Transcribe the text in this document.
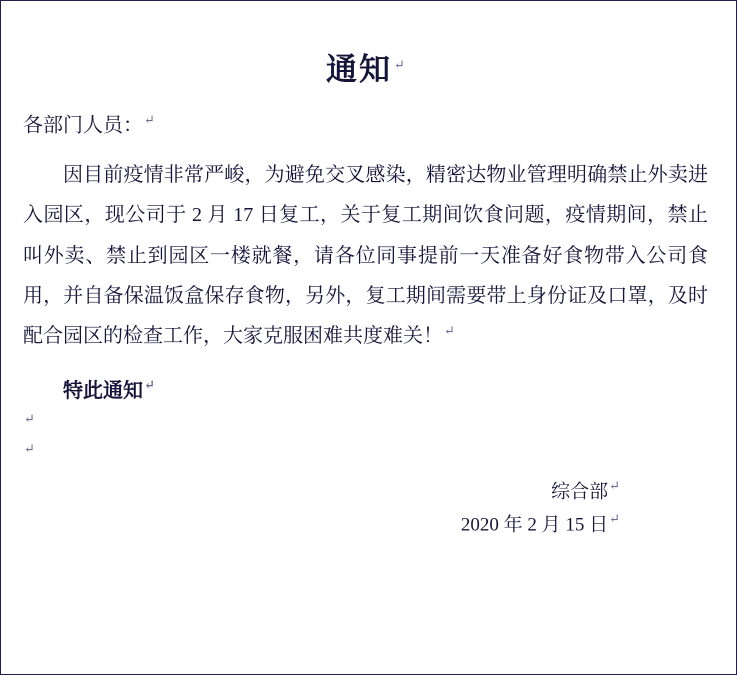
通知 ↵

各部门人员：↵

因目前疫情非常严峻，为避免交叉感染，精密达物业管理明确禁止外卖进入园区，现公司于 2 月 17 日复工，关于复工期间饮食问题，疫情期间，禁止叫外卖、禁止到园区一楼就餐，请各位同事提前一天准备好食物带入公司食用，并自备保温饭盒保存食物，另外，复工期间需要带上身份证及口罩，及时配合园区的检查工作，大家克服困难共度难关！↵

特此通知↵

↵
↵
综合部↵
2020 年 2 月 15 日↵
